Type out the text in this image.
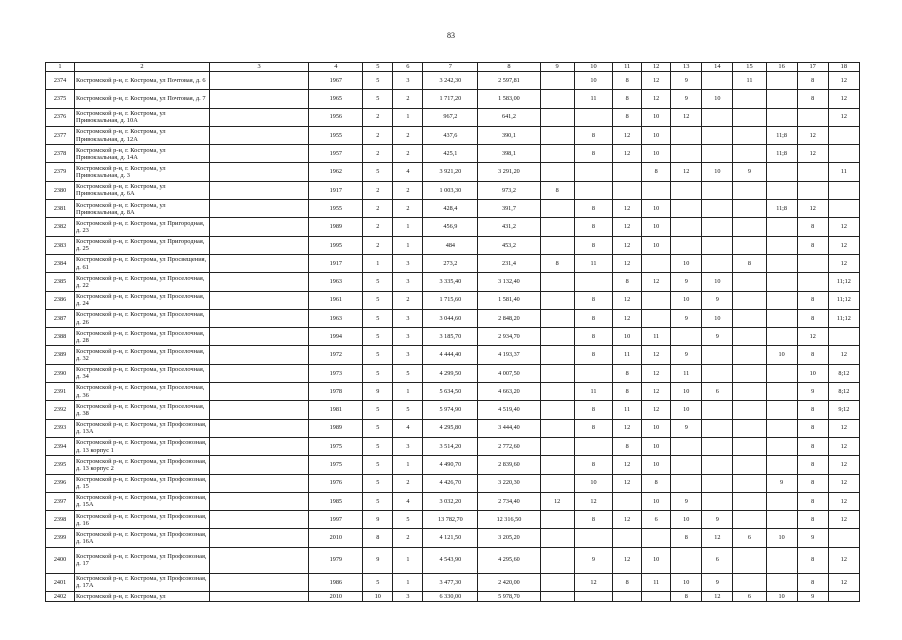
83
1	2	3	4	5	6	7	8	9	10	11	12	13	14	15	16	17	18
2374	Костромской р-н, г. Кострома, ул Почтовая, д. 6		1967	5	3	3 242,30	2 597,81		10	8	12	9		11		8	12
2375	Костромской р-н, г. Кострома, ул Почтовая, д. 7		1965	5	2	1 717,20	1 583,00		11	8	12	9	10			8	12
2376	Костромской р-н, г. Кострома, ул Привокзальная, д. 10А		1956	2	1	967,2	641,2			8	10	12					12
2377	Костромской р-н, г. Кострома, ул Привокзальная, д. 12А		1955	2	2	437,6	390,1		8	12	10				11;8	12	
2378	Костромской р-н, г. Кострома, ул Привокзальная, д. 14А		1957	2	2	425,1	398,1		8	12	10				11;8	12	
2379	Костромской р-н, г. Кострома, ул Привокзальная, д. 3		1962	5	4	3 921,20	3 291,20				8	12	10	9			11
2380	Костромской р-н, г. Кострома, ул Привокзальная, д. 6А		1917	2	2	1 003,30	973,2	8									
2381	Костромской р-н, г. Кострома, ул Привокзальная, д. 8А		1955	2	2	428,4	391,7		8	12	10				11;8	12	
2382	Костромской р-н, г. Кострома, ул Пригородная, д. 23		1989	2	1	456,9	431,2		8	12	10					8	12
2383	Костромской р-н, г. Кострома, ул Пригородная, д. 25		1995	2	1	484	453,2		8	12	10					8	12
2384	Костромской р-н, г. Кострома, ул Просвещения, д. 61		1917	1	3	273,2	231,4	8	11	12		10		8			12
2385	Костромской р-н, г. Кострома, ул Проселочная, д. 22		1963	5	3	3 335,40	3 132,40			8	12	9	10				11;12
2386	Костромской р-н, г. Кострома, ул Проселочная, д. 24		1961	5	2	1 715,60	1 581,40		8	12		10	9			8	11;12
2387	Костромской р-н, г. Кострома, ул Проселочная, д. 26		1963	5	3	3 044,60	2 848,20		8	12		9	10			8	11;12
2388	Костромской р-н, г. Кострома, ул Проселочная, д. 28		1994	5	3	3 185,70	2 934,70		8	10	11		9			12	
2389	Костромской р-н, г. Кострома, ул Проселочная, д. 32		1972	5	3	4 444,40	4 193,37		8	11	12	9			10	8	12
2390	Костромской р-н, г. Кострома, ул Проселочная, д. 34		1973	5	5	4 299,50	4 007,50			8	12	11				10	8;12
2391	Костромской р-н, г. Кострома, ул Проселочная, д. 36		1978	9	1	5 634,50	4 663,20		11	8	12	10	6			9	8;12
2392	Костромской р-н, г. Кострома, ул Проселочная, д. 38		1981	5	5	5 974,90	4 519,40		8	11	12	10				8	9;12
2393	Костромской р-н, г. Кострома, ул Профсоюзная, д. 13А		1989	5	4	4 295,80	3 444,40		8	12	10	9				8	12
2394	Костромской р-н, г. Кострома, ул Профсоюзная, д. 13 корпус 1		1975	5	3	3 514,20	2 772,60			8	10					8	12
2395	Костромской р-н, г. Кострома, ул Профсоюзная, д. 13 корпус 2		1975	5	1	4 490,70	2 839,60		8	12	10					8	12
2396	Костромской р-н, г. Кострома, ул Профсоюзная, д. 15		1976	5	2	4 426,70	3 220,30		10	12	8				9	8	12
2397	Костромской р-н, г. Кострома, ул Профсоюзная, д. 15А		1985	5	4	3 032,20	2 734,40	12	12		10	9				8	12
2398	Костромской р-н, г. Кострома, ул Профсоюзная, д. 16		1997	9	5	13 782,70	12 316,50		8	12	6	10	9			8	12
2399	Костромской р-н, г. Кострома, ул Профсоюзная, д. 16А		2010	8	2	4 121,50	3 205,20					8	12	6	10	9	
2400	Костромской р-н, г. Кострома, ул Профсоюзная, д. 17		1979	9	1	4 543,90	4 295,60		9	12	10		6			8	12
2401	Костромской р-н, г. Кострома, ул Профсоюзная, д. 17А		1986	5	1	3 477,30	2 420,00		12	8	11	10	9			8	12
2402	Костромской р-н, г. Кострома, ул		2010	10	3	6 330,00	5 978,70					8	12	6	10	9	
